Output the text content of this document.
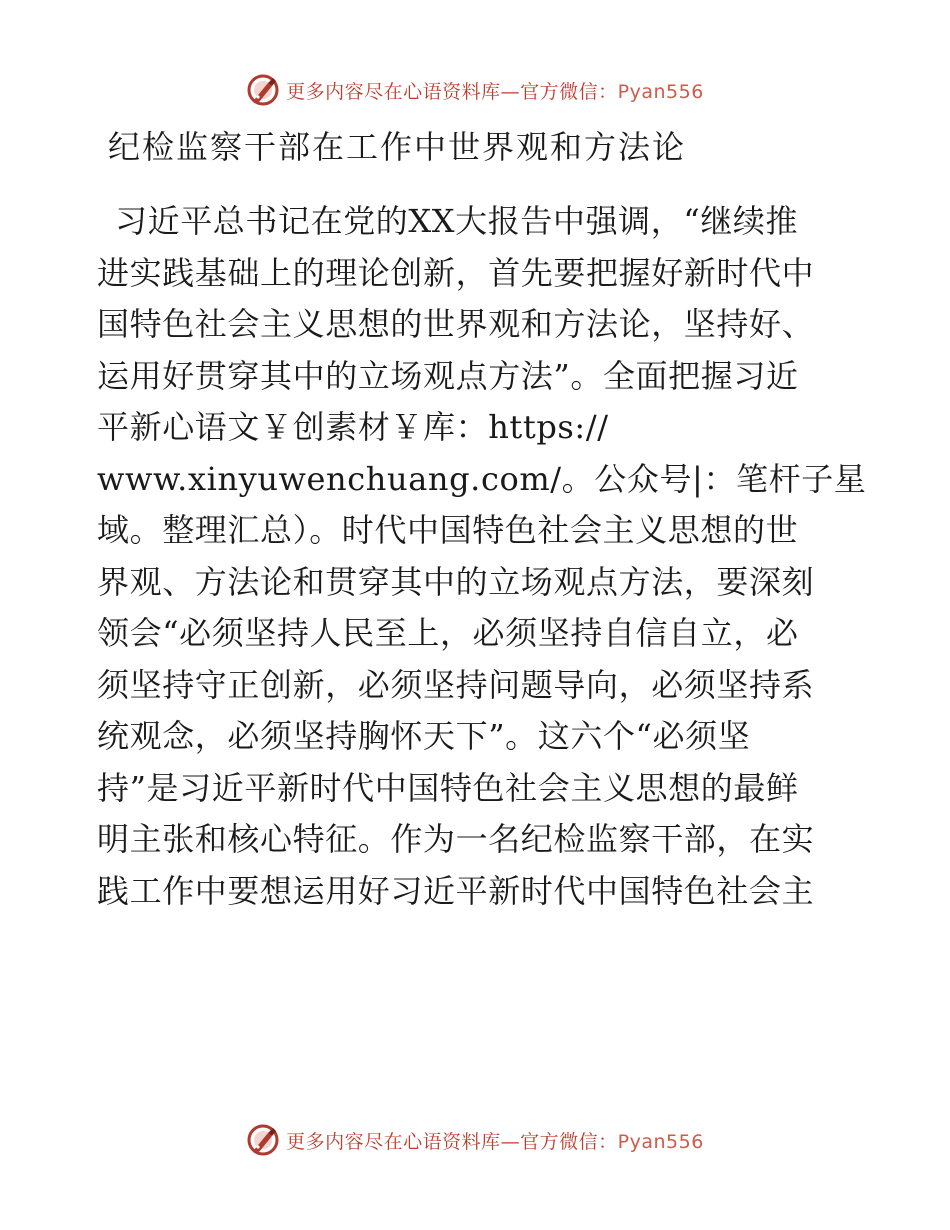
更多内容尽在心语资料库—官方微信：Pyan556
纪检监察干部在工作中世界观和方法论
习近平总书记在党的XX大报告中强调，“继续推
进实践基础上的理论创新，首先要把握好新时代中
国特色社会主义思想的世界观和方法论，坚持好、
运用好贯穿其中的立场观点方法”。全面把握习近
平新心语文￥创素材￥库：https://
www.xinyuwenchuang.com/。公众号|：笔杆子星
域。整理汇总）。时代中国特色社会主义思想的世
界观、方法论和贯穿其中的立场观点方法，要深刻
领会“必须坚持人民至上，必须坚持自信自立，必
须坚持守正创新，必须坚持问题导向，必须坚持系
统观念，必须坚持胸怀天下”。这六个“必须坚
持”是习近平新时代中国特色社会主义思想的最鲜
明主张和核心特征。作为一名纪检监察干部，在实
践工作中要想运用好习近平新时代中国特色社会主
更多内容尽在心语资料库—官方微信：Pyan556
